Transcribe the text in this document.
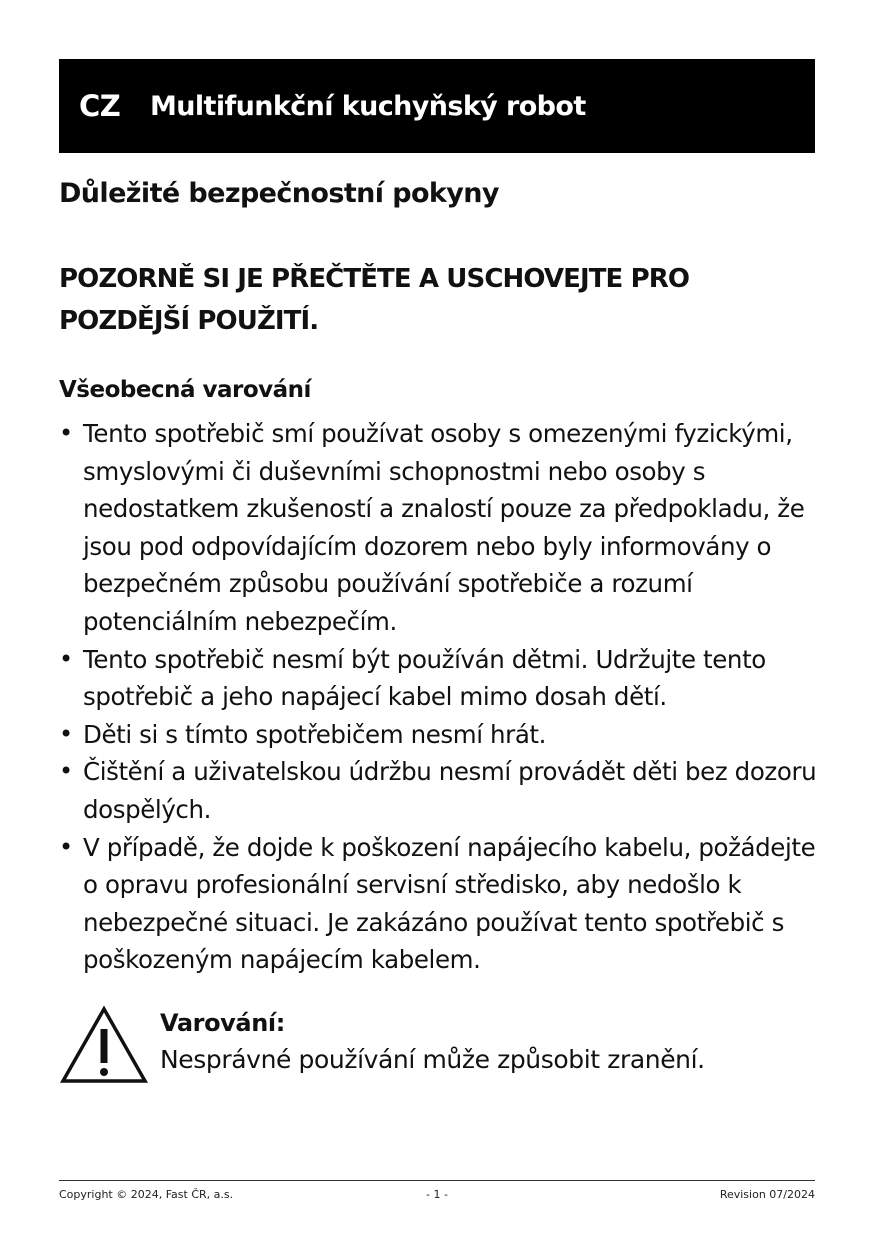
CZ	Multifunkční kuchyňský robot
Důležité bezpečnostní pokyny

POZORNĚ SI JE PŘEČTĚTE A USCHOVEJTE PRO POZDĚJŠÍ POUŽITÍ.

Všeobecná varování
• Tento spotřebič smí používat osoby s omezenými fyzickými, smyslovými či duševními schopnostmi nebo osoby s nedostatkem zkušeností a znalostí pouze za předpokladu, že jsou pod odpovídajícím dozorem nebo byly informovány o bezpečném způsobu používání spotřebiče a rozumí potenciálním nebezpečím.
• Tento spotřebič nesmí být používán dětmi. Udržujte tento spotřebič a jeho napájecí kabel mimo dosah dětí.
• Děti si s tímto spotřebičem nesmí hrát.
• Čištění a uživatelskou údržbu nesmí provádět děti bez dozoru dospělých.
• V případě, že dojde k poškození napájecího kabelu, požádejte o opravu profesionální servisní středisko, aby nedošlo k nebezpečné situaci. Je zakázáno používat tento spotřebič s poškozeným napájecím kabelem.
Varování:
Nesprávné používání může způsobit zranění.
Copyright © 2024, Fast ČR, a.s.	- 1 -	Revision 07/2024
